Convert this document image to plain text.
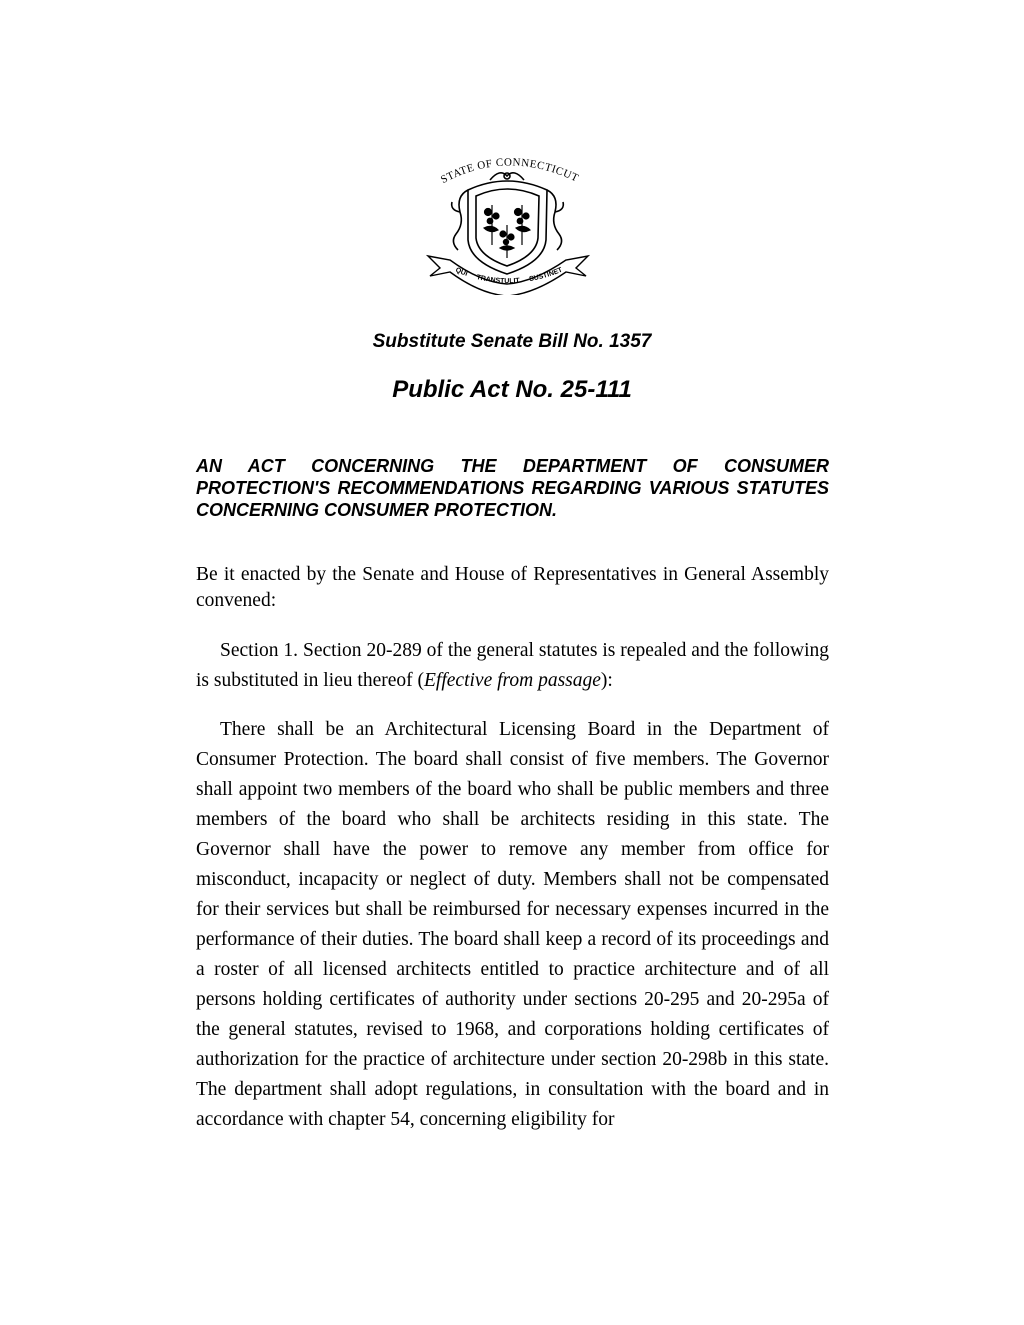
STATE OF CONNECTICUT
QUI TRANSTULIT SUSTINET
Substitute Senate Bill No. 1357
Public Act No. 25-111
AN ACT CONCERNING THE DEPARTMENT OF CONSUMER PROTECTION'S RECOMMENDATIONS REGARDING VARIOUS STATUTES CONCERNING CONSUMER PROTECTION.
Be it enacted by the Senate and House of Representatives in General Assembly convened:
Section 1. Section 20-289 of the general statutes is repealed and the following is substituted in lieu thereof (Effective from passage):
There shall be an Architectural Licensing Board in the Department of Consumer Protection. The board shall consist of five members. The Governor shall appoint two members of the board who shall be public members and three members of the board who shall be architects residing in this state. The Governor shall have the power to remove any member from office for misconduct, incapacity or neglect of duty. Members shall not be compensated for their services but shall be reimbursed for necessary expenses incurred in the performance of their duties. The board shall keep a record of its proceedings and a roster of all licensed architects entitled to practice architecture and of all persons holding certificates of authority under sections 20-295 and 20-295a of the general statutes, revised to 1968, and corporations holding certificates of authorization for the practice of architecture under section 20-298b in this state. The department shall adopt regulations, in consultation with the board and in accordance with chapter 54, concerning eligibility for
